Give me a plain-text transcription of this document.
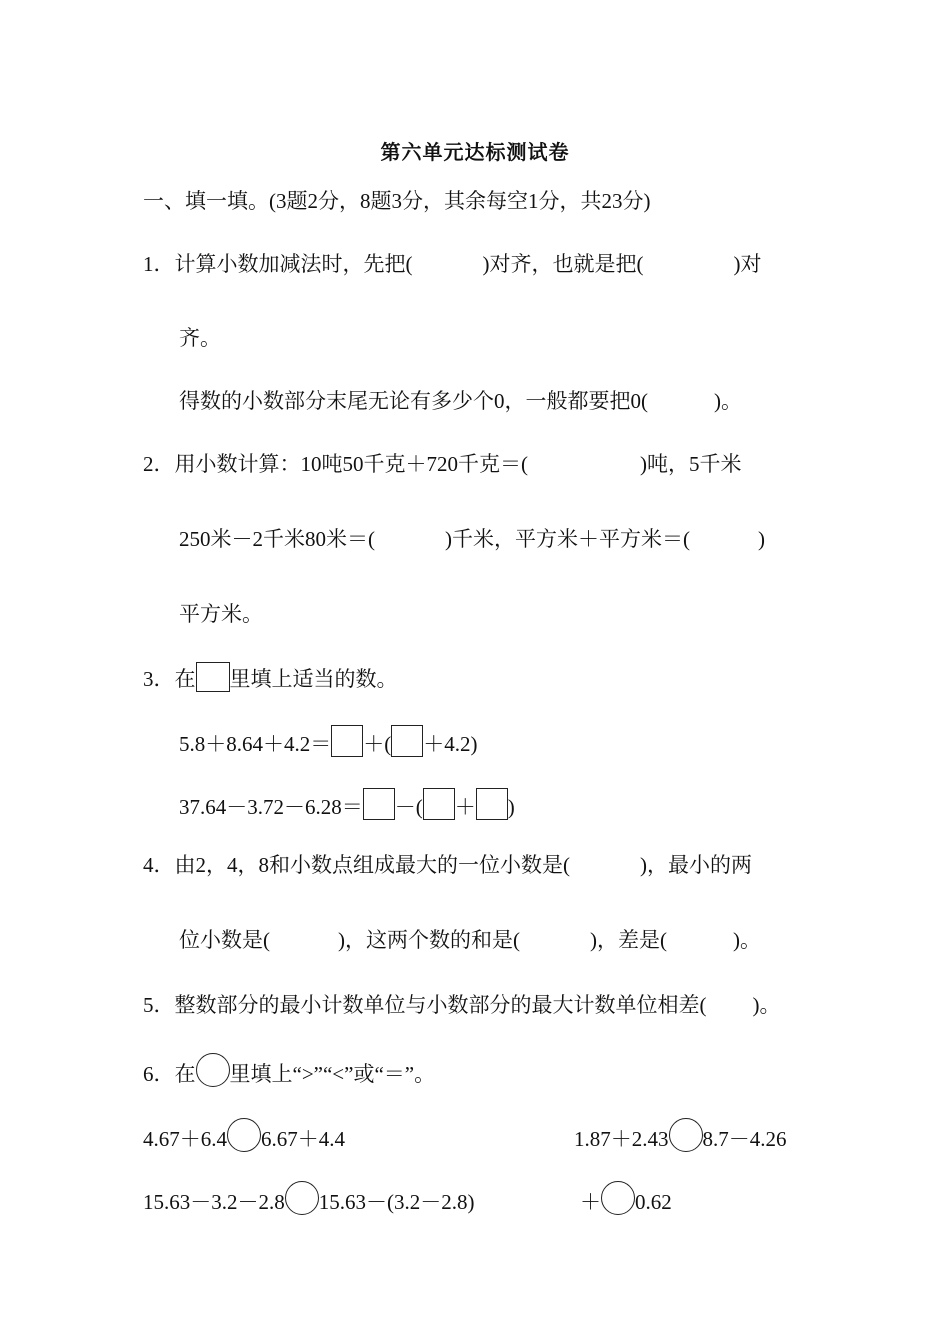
第六单元达标测试卷
一、填一填。(3题2分，8题3分，其余每空1分，共23分)
1．计算小数加减法时，先把(	)对齐，也就是把(	)对
齐。
得数的小数部分末尾无论有多少个0，一般都要把0(	)。
2．用小数计算：10吨50千克＋720千克＝(	)吨，5千米
250米－2千米80米＝(	)千米，平方米＋平方米＝(	)
平方米。
3．在 里填上适当的数。
5.8＋8.64＋4.2＝ ＋( ＋4.2)
37.64－3.72－6.28＝ －( ＋ )
4．由2，4，8和小数点组成最大的一位小数是(	)，最小的两
位小数是(	)，这两个数的和是(	)，差是(	)。
5．整数部分的最小计数单位与小数部分的最大计数单位相差( )。
6．在 里填上“>”“<”或“＝”。
4.67＋6.4 6.67＋4.4	1.87＋2.43 8.7－4.26
15.63－3.2－2.8 15.63－(3.2－2.8)	＋ 0.62
